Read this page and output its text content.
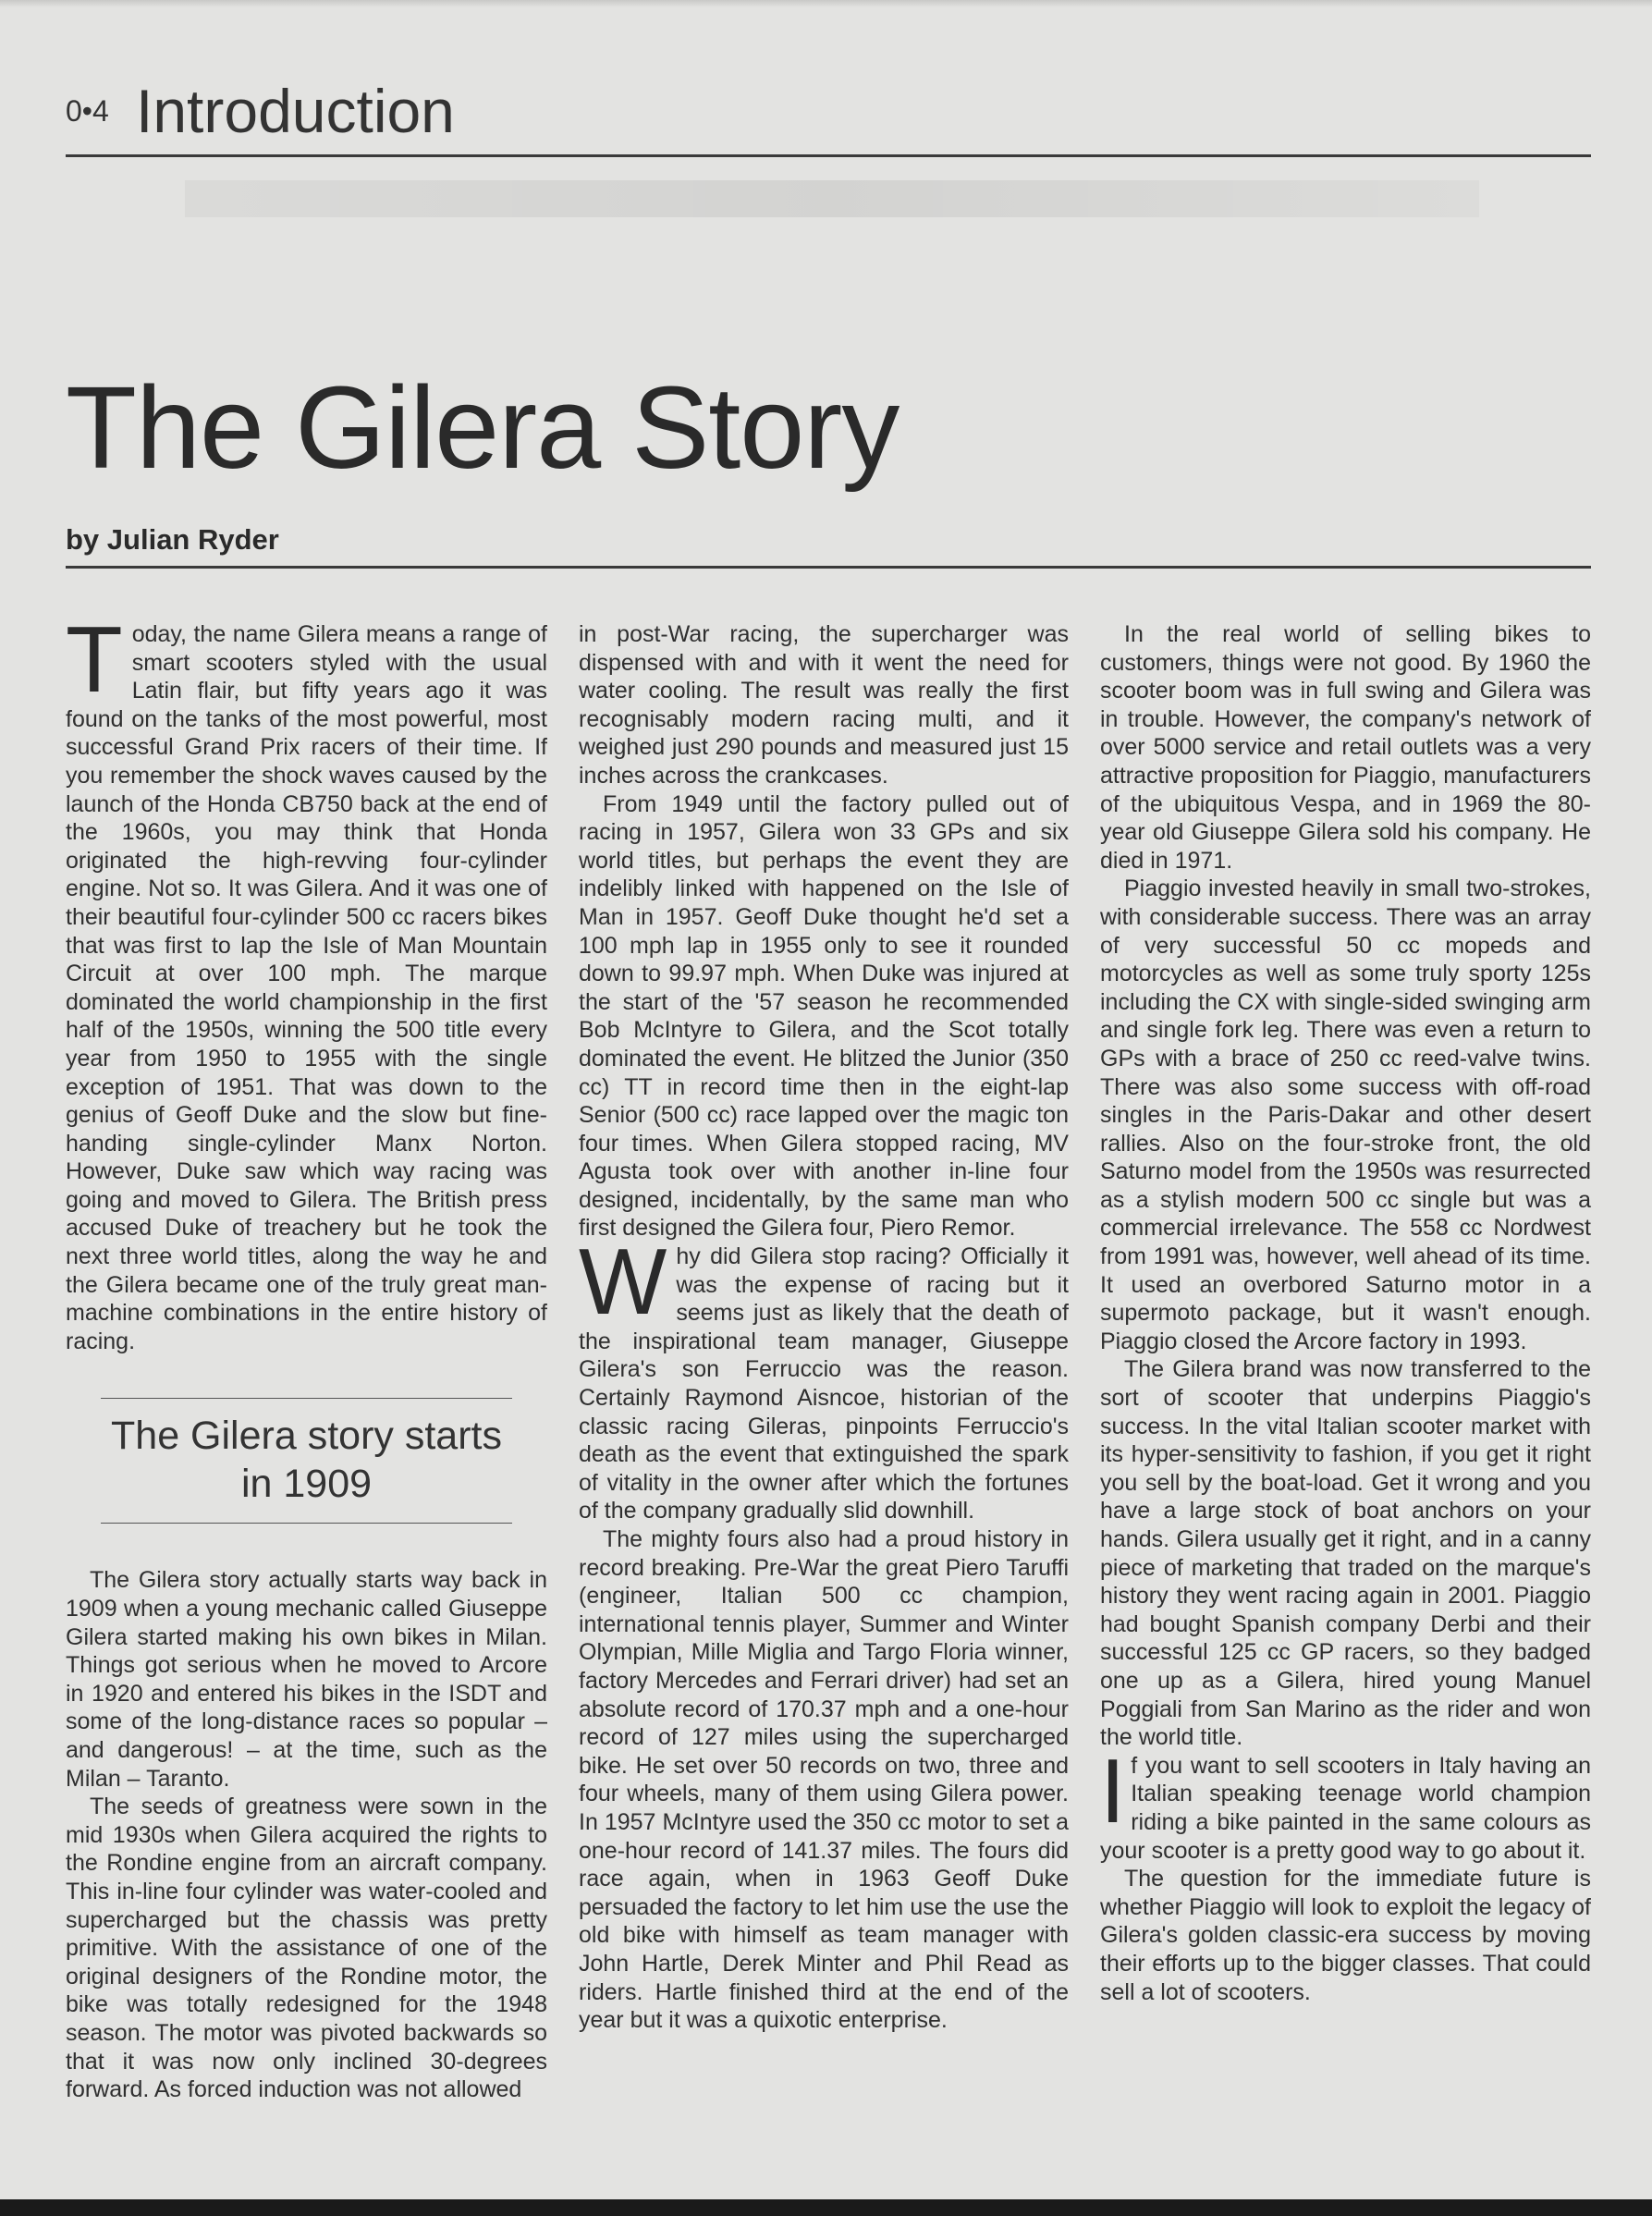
0•4 Introduction
The Gilera Story
by Julian Ryder

Today, the name Gilera means a range of smart scooters styled with the usual Latin flair, but fifty years ago it was found on the tanks of the most powerful, most successful Grand Prix racers of their time. If you remember the shock waves caused by the launch of the Honda CB750 back at the end of the 1960s, you may think that Honda originated the high-revving four-cylinder engine. Not so. It was Gilera. And it was one of their beautiful four-cylinder 500 cc racers bikes that was first to lap the Isle of Man Mountain Circuit at over 100 mph. The marque dominated the world championship in the first half of the 1950s, winning the 500 title every year from 1950 to 1955 with the single exception of 1951. That was down to the genius of Geoff Duke and the slow but fine-handing single-cylinder Manx Norton. However, Duke saw which way racing was going and moved to Gilera. The British press accused Duke of treachery but he took the next three world titles, along the way he and the Gilera became one of the truly great man-machine combinations in the entire history of racing.

The Gilera story starts
in 1909

The Gilera story actually starts way back in 1909 when a young mechanic called Giuseppe Gilera started making his own bikes in Milan. Things got serious when he moved to Arcore in 1920 and entered his bikes in the ISDT and some of the long-distance races so popular – and dangerous! – at the time, such as the Milan – Taranto.

The seeds of greatness were sown in the mid 1930s when Gilera acquired the rights to the Rondine engine from an aircraft company. This in-line four cylinder was water-cooled and supercharged but the chassis was pretty primitive. With the assistance of one of the original designers of the Rondine motor, the bike was totally redesigned for the 1948 season. The motor was pivoted backwards so that it was now only inclined 30-degrees forward. As forced induction was not allowed

in post-War racing, the supercharger was dispensed with and with it went the need for water cooling. The result was really the first recognisably modern racing multi, and it weighed just 290 pounds and measured just 15 inches across the crankcases.

From 1949 until the factory pulled out of racing in 1957, Gilera won 33 GPs and six world titles, but perhaps the event they are indelibly linked with happened on the Isle of Man in 1957. Geoff Duke thought he'd set a 100 mph lap in 1955 only to see it rounded down to 99.97 mph. When Duke was injured at the start of the '57 season he recommended Bob McIntyre to Gilera, and the Scot totally dominated the event. He blitzed the Junior (350 cc) TT in record time then in the eight-lap Senior (500 cc) race lapped over the magic ton four times. When Gilera stopped racing, MV Agusta took over with another in-line four designed, incidentally, by the same man who first designed the Gilera four, Piero Remor.

Why did Gilera stop racing? Officially it was the expense of racing but it seems just as likely that the death of the inspirational team manager, Giuseppe Gilera's son Ferruccio was the reason. Certainly Raymond Aisncoe, historian of the classic racing Gileras, pinpoints Ferruccio's death as the event that extinguished the spark of vitality in the owner after which the fortunes of the company gradually slid downhill.

The mighty fours also had a proud history in record breaking. Pre-War the great Piero Taruffi (engineer, Italian 500 cc champion, international tennis player, Summer and Winter Olympian, Mille Miglia and Targo Floria winner, factory Mercedes and Ferrari driver) had set an absolute record of 170.37 mph and a one-hour record of 127 miles using the supercharged bike. He set over 50 records on two, three and four wheels, many of them using Gilera power. In 1957 McIntyre used the 350 cc motor to set a one-hour record of 141.37 miles. The fours did race again, when in 1963 Geoff Duke persuaded the factory to let him use the use the old bike with himself as team manager with John Hartle, Derek Minter and Phil Read as riders. Hartle finished third at the end of the year but it was a quixotic enterprise.

In the real world of selling bikes to customers, things were not good. By 1960 the scooter boom was in full swing and Gilera was in trouble. However, the company's network of over 5000 service and retail outlets was a very attractive proposition for Piaggio, manufacturers of the ubiquitous Vespa, and in 1969 the 80-year old Giuseppe Gilera sold his company. He died in 1971.

Piaggio invested heavily in small two-strokes, with considerable success. There was an array of very successful 50 cc mopeds and motorcycles as well as some truly sporty 125s including the CX with single-sided swinging arm and single fork leg. There was even a return to GPs with a brace of 250 cc reed-valve twins. There was also some success with off-road singles in the Paris-Dakar and other desert rallies. Also on the four-stroke front, the old Saturno model from the 1950s was resurrected as a stylish modern 500 cc single but was a commercial irrelevance. The 558 cc Nordwest from 1991 was, however, well ahead of its time. It used an overbored Saturno motor in a supermoto package, but it wasn't enough. Piaggio closed the Arcore factory in 1993.

The Gilera brand was now transferred to the sort of scooter that underpins Piaggio's success. In the vital Italian scooter market with its hyper-sensitivity to fashion, if you get it right you sell by the boat-load. Get it wrong and you have a large stock of boat anchors on your hands. Gilera usually get it right, and in a canny piece of marketing that traded on the marque's history they went racing again in 2001. Piaggio had bought Spanish company Derbi and their successful 125 cc GP racers, so they badged one up as a Gilera, hired young Manuel Poggiali from San Marino as the rider and won the world title.

If you want to sell scooters in Italy having an Italian speaking teenage world champion riding a bike painted in the same colours as your scooter is a pretty good way to go about it.

The question for the immediate future is whether Piaggio will look to exploit the legacy of Gilera's golden classic-era success by moving their efforts up to the bigger classes. That could sell a lot of scooters.
